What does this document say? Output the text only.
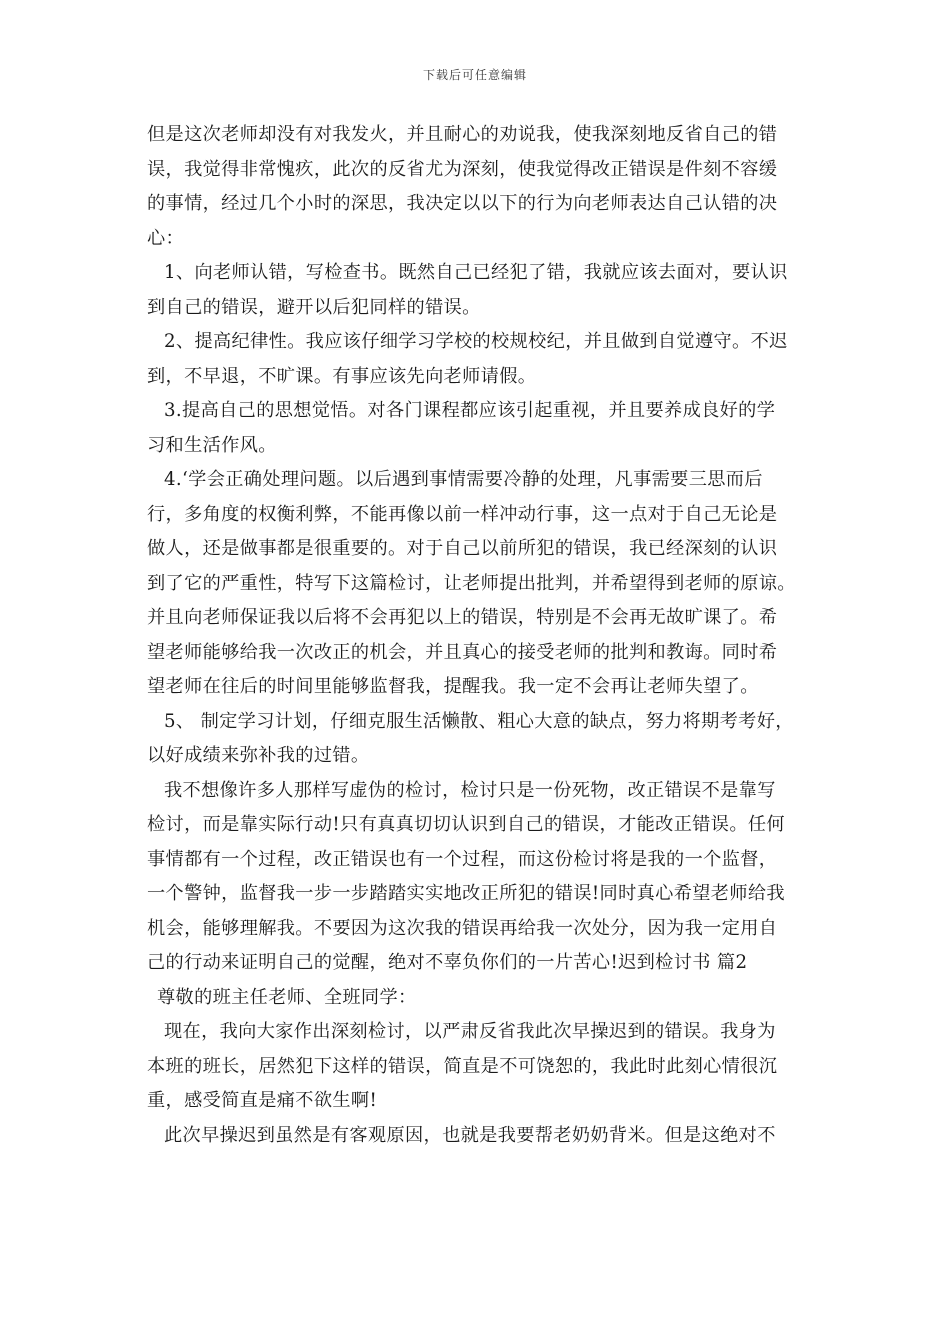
下载后可任意编辑
但是这次老师却没有对我发火，并且耐心的劝说我，使我深刻地反省自己的错
误，我觉得非常愧疚，此次的反省尤为深刻，使我觉得改正错误是件刻不容缓
的事情，经过几个小时的深思，我决定以以下的行为向老师表达自己认错的决
心：
1、向老师认错，写检查书。既然自己已经犯了错，我就应该去面对，要认识
到自己的错误，避开以后犯同样的错误。
2、提高纪律性。我应该仔细学习学校的校规校纪，并且做到自觉遵守。不迟
到，不早退，不旷课。有事应该先向老师请假。
3.提高自己的思想觉悟。对各门课程都应该引起重视，并且要养成良好的学
习和生活作风。
4.‘学会正确处理问题。以后遇到事情需要冷静的处理，凡事需要三思而后
行，多角度的权衡利弊，不能再像以前一样冲动行事，这一点对于自己无论是
做人，还是做事都是很重要的。对于自己以前所犯的错误，我已经深刻的认识
到了它的严重性，特写下这篇检讨，让老师提出批判，并希望得到老师的原谅。
并且向老师保证我以后将不会再犯以上的错误，特别是不会再无故旷课了。希
望老师能够给我一次改正的机会，并且真心的接受老师的批判和教诲。同时希
望老师在往后的时间里能够监督我，提醒我。我一定不会再让老师失望了。
5、 制定学习计划，仔细克服生活懒散、粗心大意的缺点，努力将期考考好，
以好成绩来弥补我的过错。
我不想像许多人那样写虚伪的检讨，检讨只是一份死物，改正错误不是靠写
检讨，而是靠实际行动!只有真真切切认识到自己的错误，才能改正错误。任何
事情都有一个过程，改正错误也有一个过程，而这份检讨将是我的一个监督，
一个警钟，监督我一步一步踏踏实实地改正所犯的错误!同时真心希望老师给我
机会，能够理解我。不要因为这次我的错误再给我一次处分，因为我一定用自
己的行动来证明自己的觉醒，绝对不辜负你们的一片苦心!迟到检讨书 篇2
尊敬的班主任老师、全班同学：
现在，我向大家作出深刻检讨，以严肃反省我此次早操迟到的错误。我身为
本班的班长，居然犯下这样的错误，简直是不可饶恕的，我此时此刻心情很沉
重，感受简直是痛不欲生啊!
此次早操迟到虽然是有客观原因，也就是我要帮老奶奶背米。但是这绝对不
